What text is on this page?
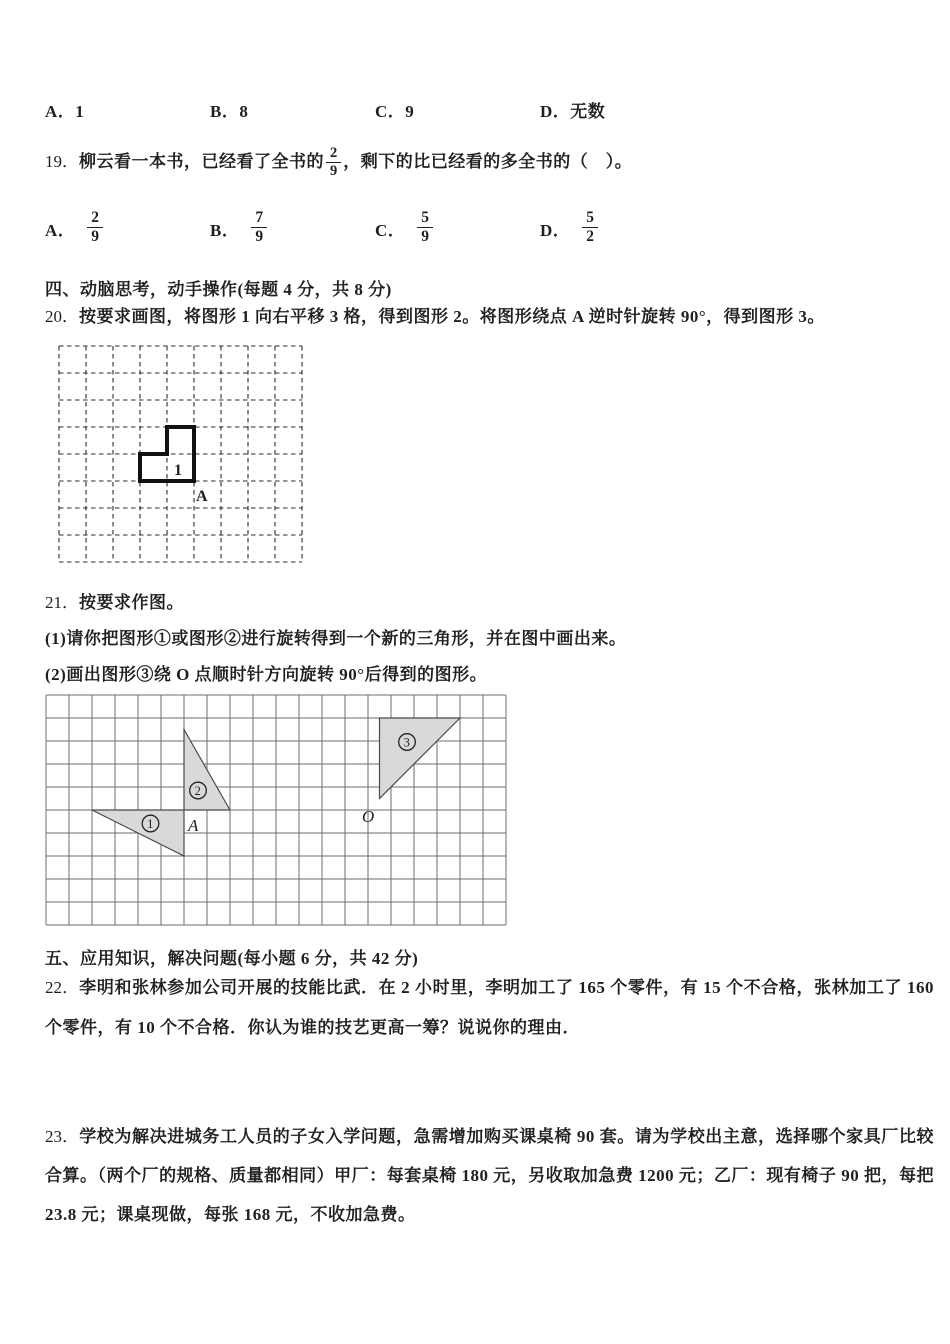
A．1	B．8	C．9	D．无数
19．柳云看一本书，已经看了全书的 $\frac{2}{9}$ ，剩下的比已经看的多全书的（　）。
A． $\frac{2}{9}$	B． $\frac{7}{9}$	C． $\frac{5}{9}$	D． $\frac{5}{2}$
四、动脑思考，动手操作(每题 4 分，共 8 分)
20．按要求画图，将图形 1 向右平移 3 格，得到图形 2。将图形绕点 A 逆时针旋转 90°，得到图形 3。
1
A
21．按要求作图。
(1)请你把图形①或图形②进行旋转得到一个新的三角形，并在图中画出来。
(2)画出图形③绕 O 点顺时针方向旋转 90°后得到的图形。
1
2
3
A	O
五、应用知识，解决问题(每小题 6 分，共 42 分)
22．李明和张林参加公司开展的技能比武．在 2 小时里，李明加工了 165 个零件，有 15 个不合格，张林加工了 160 个零件，有 10 个不合格．你认为谁的技艺更高一筹？说说你的理由．
23．学校为解决进城务工人员的子女入学问题，急需增加购买课桌椅 90 套。请为学校出主意，选择哪个家具厂比较合算。（两个厂的规格、质量都相同）甲厂：每套桌椅 180 元，另收取加急费 1200 元；乙厂：现有椅子 90 把，每把 23.8 元；课桌现做，每张 168 元，不收加急费。
